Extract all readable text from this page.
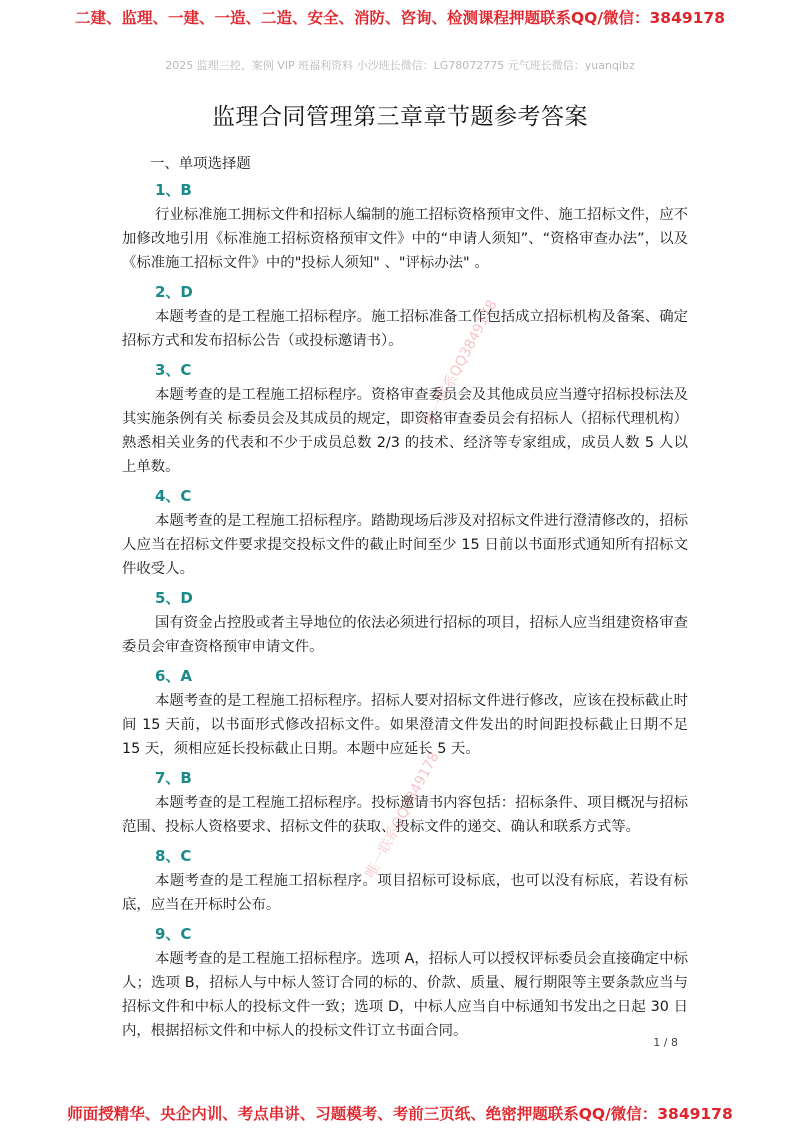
二建、监理、一建、一造、二造、安全、消防、咨询、检测课程押题联系QQ/微信：3849178
2025 监理三控、案例 VIP 班福利资料 小沙班长微信：LG78072775 元气班长微信：yuanqibz
监理合同管理第三章章节题参考答案
一、单项选择题
1、B
行业标准施工拥标文件和招标人编制的施工招标资格预审文件、施工招标文件，应不加修改地引用《标准施工招标资格预审文件》中的“申请人须知”、“资格审查办法”，以及《标准施工招标文件》中的"投标人须知" 、"评标办法" 。
2、D
本题考查的是工程施工招标程序。施工招标准备工作包括成立招标机构及备案、确定招标方式和发布招标公告（或投标邀请书）。
3、C
本题考查的是工程施工招标程序。资格审查委员会及其他成员应当遵守招标投标法及其实施条例有关 标委员会及其成员的规定，即资格审查委员会有招标人（招标代理机构）熟悉相关业务的代表和不少于成员总数 2/3 的技术、经济等专家组成，成员人数 5 人以上单数。
4、C
本题考查的是工程施工招标程序。踏勘现场后涉及对招标文件进行澄清修改的，招标人应当在招标文件要求提交投标文件的截止时间至少 15 日前以书面形式通知所有招标文件收受人。
5、D
国有资金占控股或者主导地位的依法必须进行招标的项目，招标人应当组建资格审查委员会审查资格预审申请文件。
6、A
本题考查的是工程施工招标程序。招标人要对招标文件进行修改，应该在投标截止时间 15 天前，以书面形式修改招标文件。如果澄清文件发出的时间距投标截止日期不足 15 天，须相应延长投标截止日期。本题中应延长 5 天。
7、B
本题考查的是工程施工招标程序。投标邀请书内容包括：招标条件、项目概况与招标范围、投标人资格要求、招标文件的获取、投标文件的递交、确认和联系方式等。
8、C
本题考查的是工程施工招标程序。项目招标可设标底，也可以没有标底，若设有标底，应当在开标时公布。
9、C
本题考查的是工程施工招标程序。选项 A，招标人可以授权评标委员会直接确定中标人；选项 B，招标人与中标人签订合同的标的、价款、质量、履行期限等主要条款应当与招标文件和中标人的投标文件一致；选项 D，中标人应当自中标通知书发出之日起 30 日内，根据招标文件和中标人的投标文件订立书面合同。
1 / 8
唯一联系QQ3849178
唯一联系QQ3849178
师面授精华、央企内训、考点串讲、习题模考、考前三页纸、绝密押题联系QQ/微信：3849178
